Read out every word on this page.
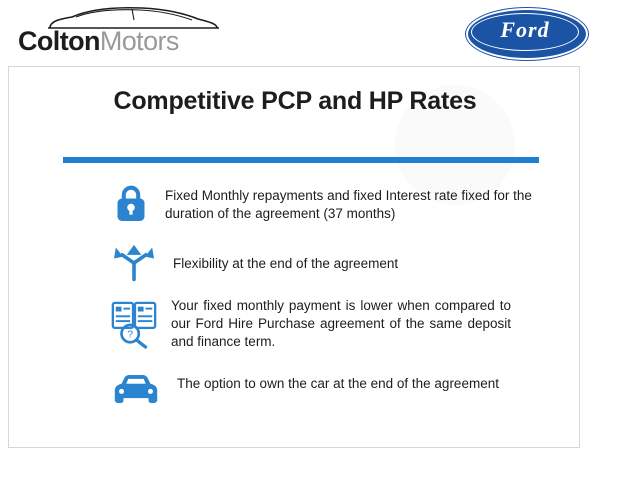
ColtonMotors	Ford
Competitive PCP and HP Rates
Fixed Monthly repayments and fixed Interest rate fixed for the duration of the agreement (37 months)
Flexibility at the end of the agreement
?
Your fixed monthly payment is lower when compared to our Ford Hire Purchase agreement of the same deposit and finance term.
The option to own the car at the end of the agreement
